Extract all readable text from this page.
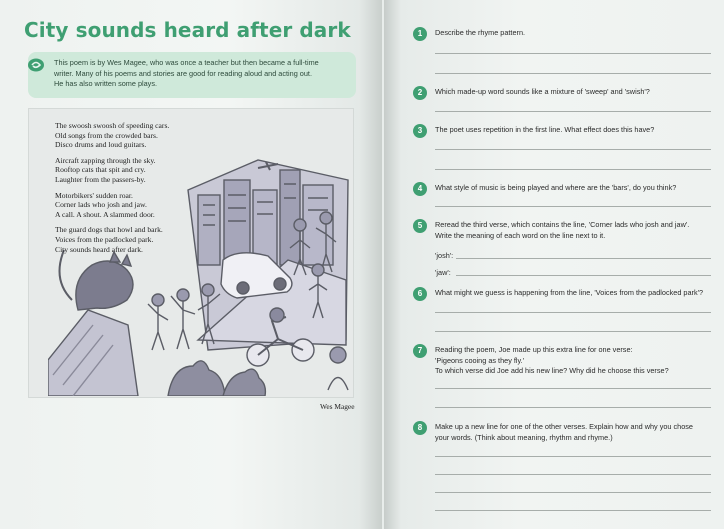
City sounds heard after dark
This poem is by Wes Magee, who was once a teacher but then became a full-time
writer. Many of his poems and stories are good for reading aloud and acting out.
He has also written some plays.
The swoosh swoosh of speeding cars.
Old songs from the crowded bars.
Disco drums and loud guitars.
Aircraft zapping through the sky.
Rooftop cats that spit and cry.
Laughter from the passers-by.
Motorbikers' sudden roar.
Corner lads who josh and jaw.
A call. A shout. A slammed door.
The guard dogs that howl and bark.
Voices from the padlocked park.
City sounds heard after dark.
Wes Magee
1	Describe the rhyme pattern.
2	Which made-up word sounds like a mixture of 'sweep' and 'swish'?
3	The poet uses repetition in the first line. What effect does this have?
4	What style of music is being played and where are the 'bars', do you think?
5	Reread the third verse, which contains the line, 'Corner lads who josh and jaw'.
Write the meaning of each word on the line next to it.
'josh':
'jaw':
6	What might we guess is happening from the line, 'Voices from the padlocked park'?
7	Reading the poem, Joe made up this extra line for one verse:
'Pigeons cooing as they fly.'
To which verse did Joe add his new line? Why did he choose this verse?
8	Make up a new line for one of the other verses. Explain how and why you chose
your words. (Think about meaning, rhythm and rhyme.)
